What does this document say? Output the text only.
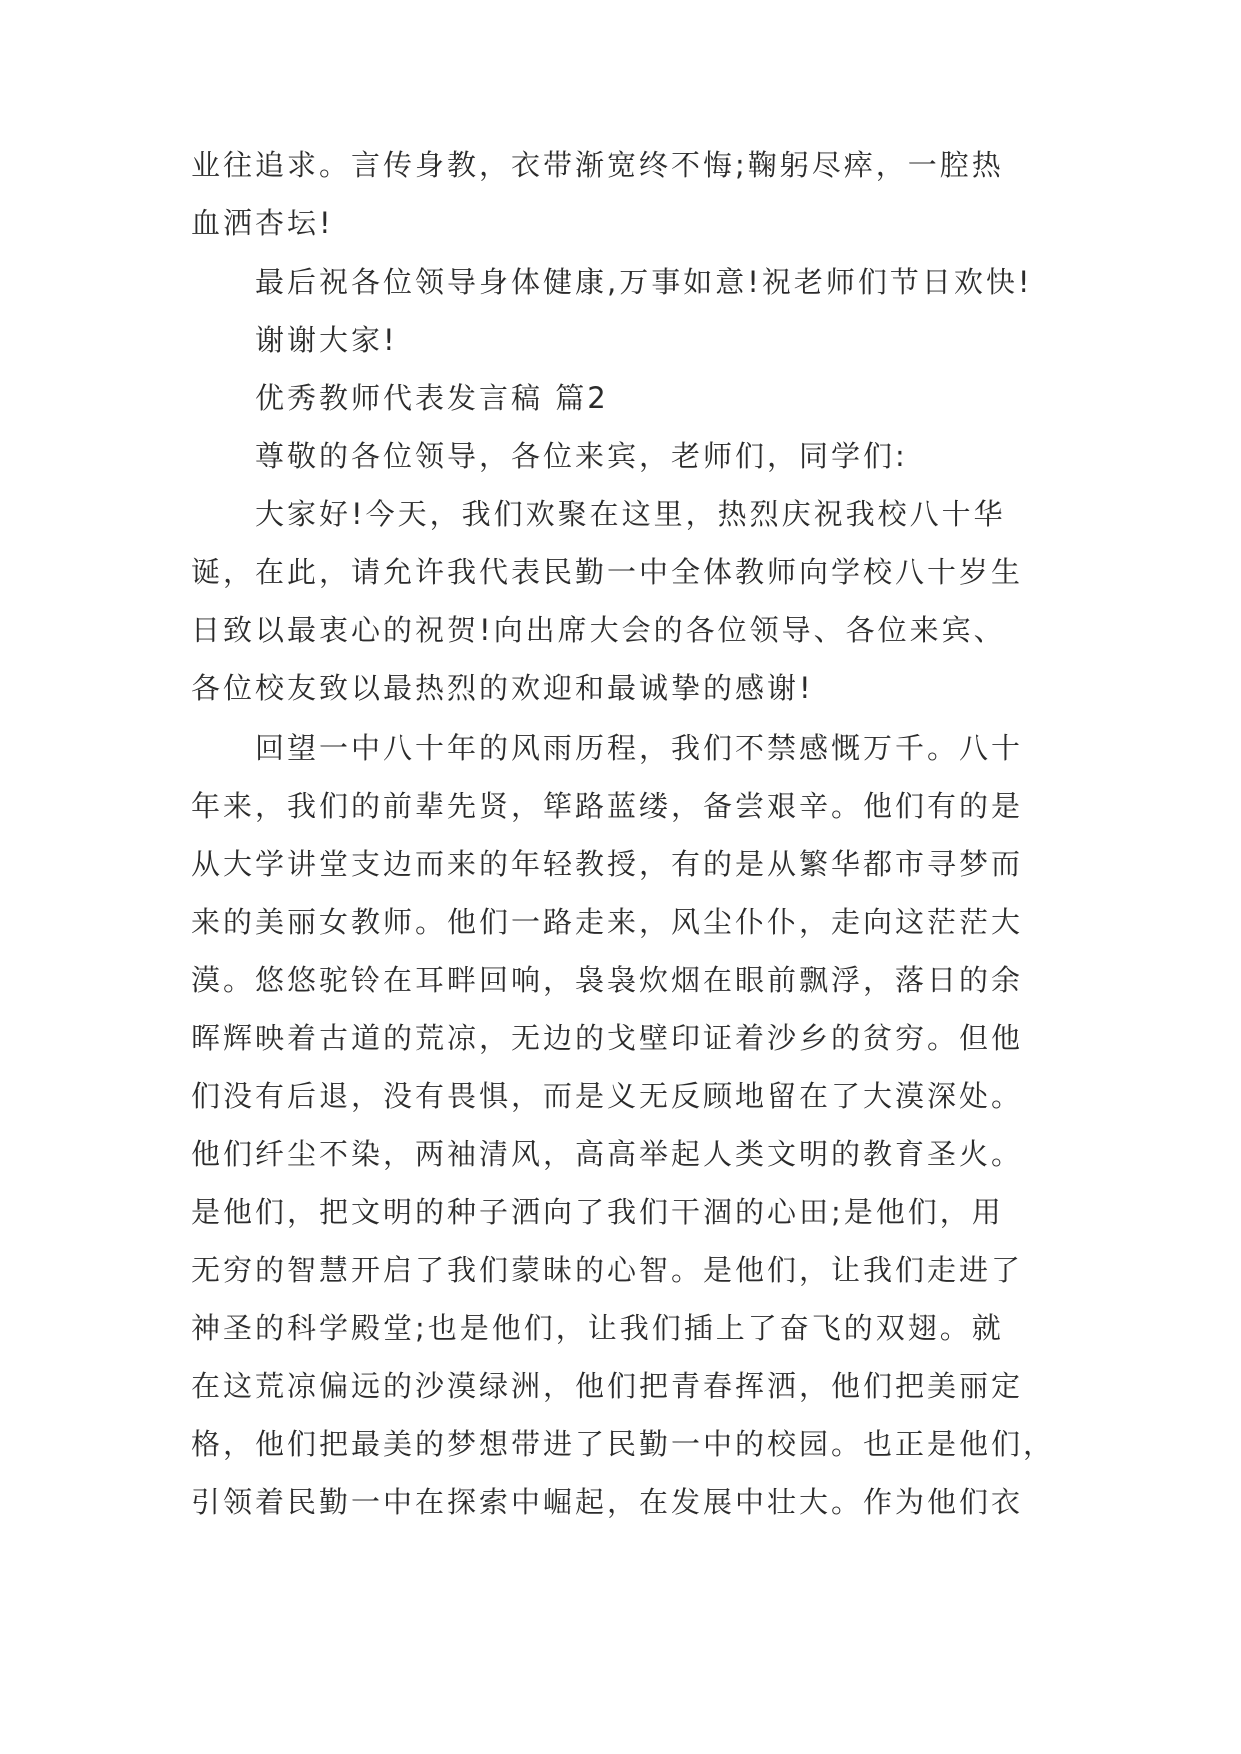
业往追求。言传身教，衣带渐宽终不悔;鞠躬尽瘁，一腔热
血洒杏坛!
最后祝各位领导身体健康,万事如意!祝老师们节日欢快!
谢谢大家!
优秀教师代表发言稿 篇2
尊敬的各位领导，各位来宾，老师们，同学们:
大家好!今天，我们欢聚在这里，热烈庆祝我校八十华
诞，在此，请允许我代表民勤一中全体教师向学校八十岁生
日致以最衷心的祝贺!向出席大会的各位领导、各位来宾、
各位校友致以最热烈的欢迎和最诚挚的感谢!
回望一中八十年的风雨历程，我们不禁感慨万千。八十
年来，我们的前辈先贤，筚路蓝缕，备尝艰辛。他们有的是
从大学讲堂支边而来的年轻教授，有的是从繁华都市寻梦而
来的美丽女教师。他们一路走来，风尘仆仆，走向这茫茫大
漠。悠悠驼铃在耳畔回响，袅袅炊烟在眼前飘浮，落日的余
晖辉映着古道的荒凉，无边的戈壁印证着沙乡的贫穷。但他
们没有后退，没有畏惧，而是义无反顾地留在了大漠深处。
他们纤尘不染，两袖清风，高高举起人类文明的教育圣火。
是他们，把文明的种子洒向了我们干涸的心田;是他们，用
无穷的智慧开启了我们蒙昧的心智。是他们，让我们走进了
神圣的科学殿堂;也是他们，让我们插上了奋飞的双翅。就
在这荒凉偏远的沙漠绿洲，他们把青春挥洒，他们把美丽定
格，他们把最美的梦想带进了民勤一中的校园。也正是他们，
引领着民勤一中在探索中崛起，在发展中壮大。作为他们衣
